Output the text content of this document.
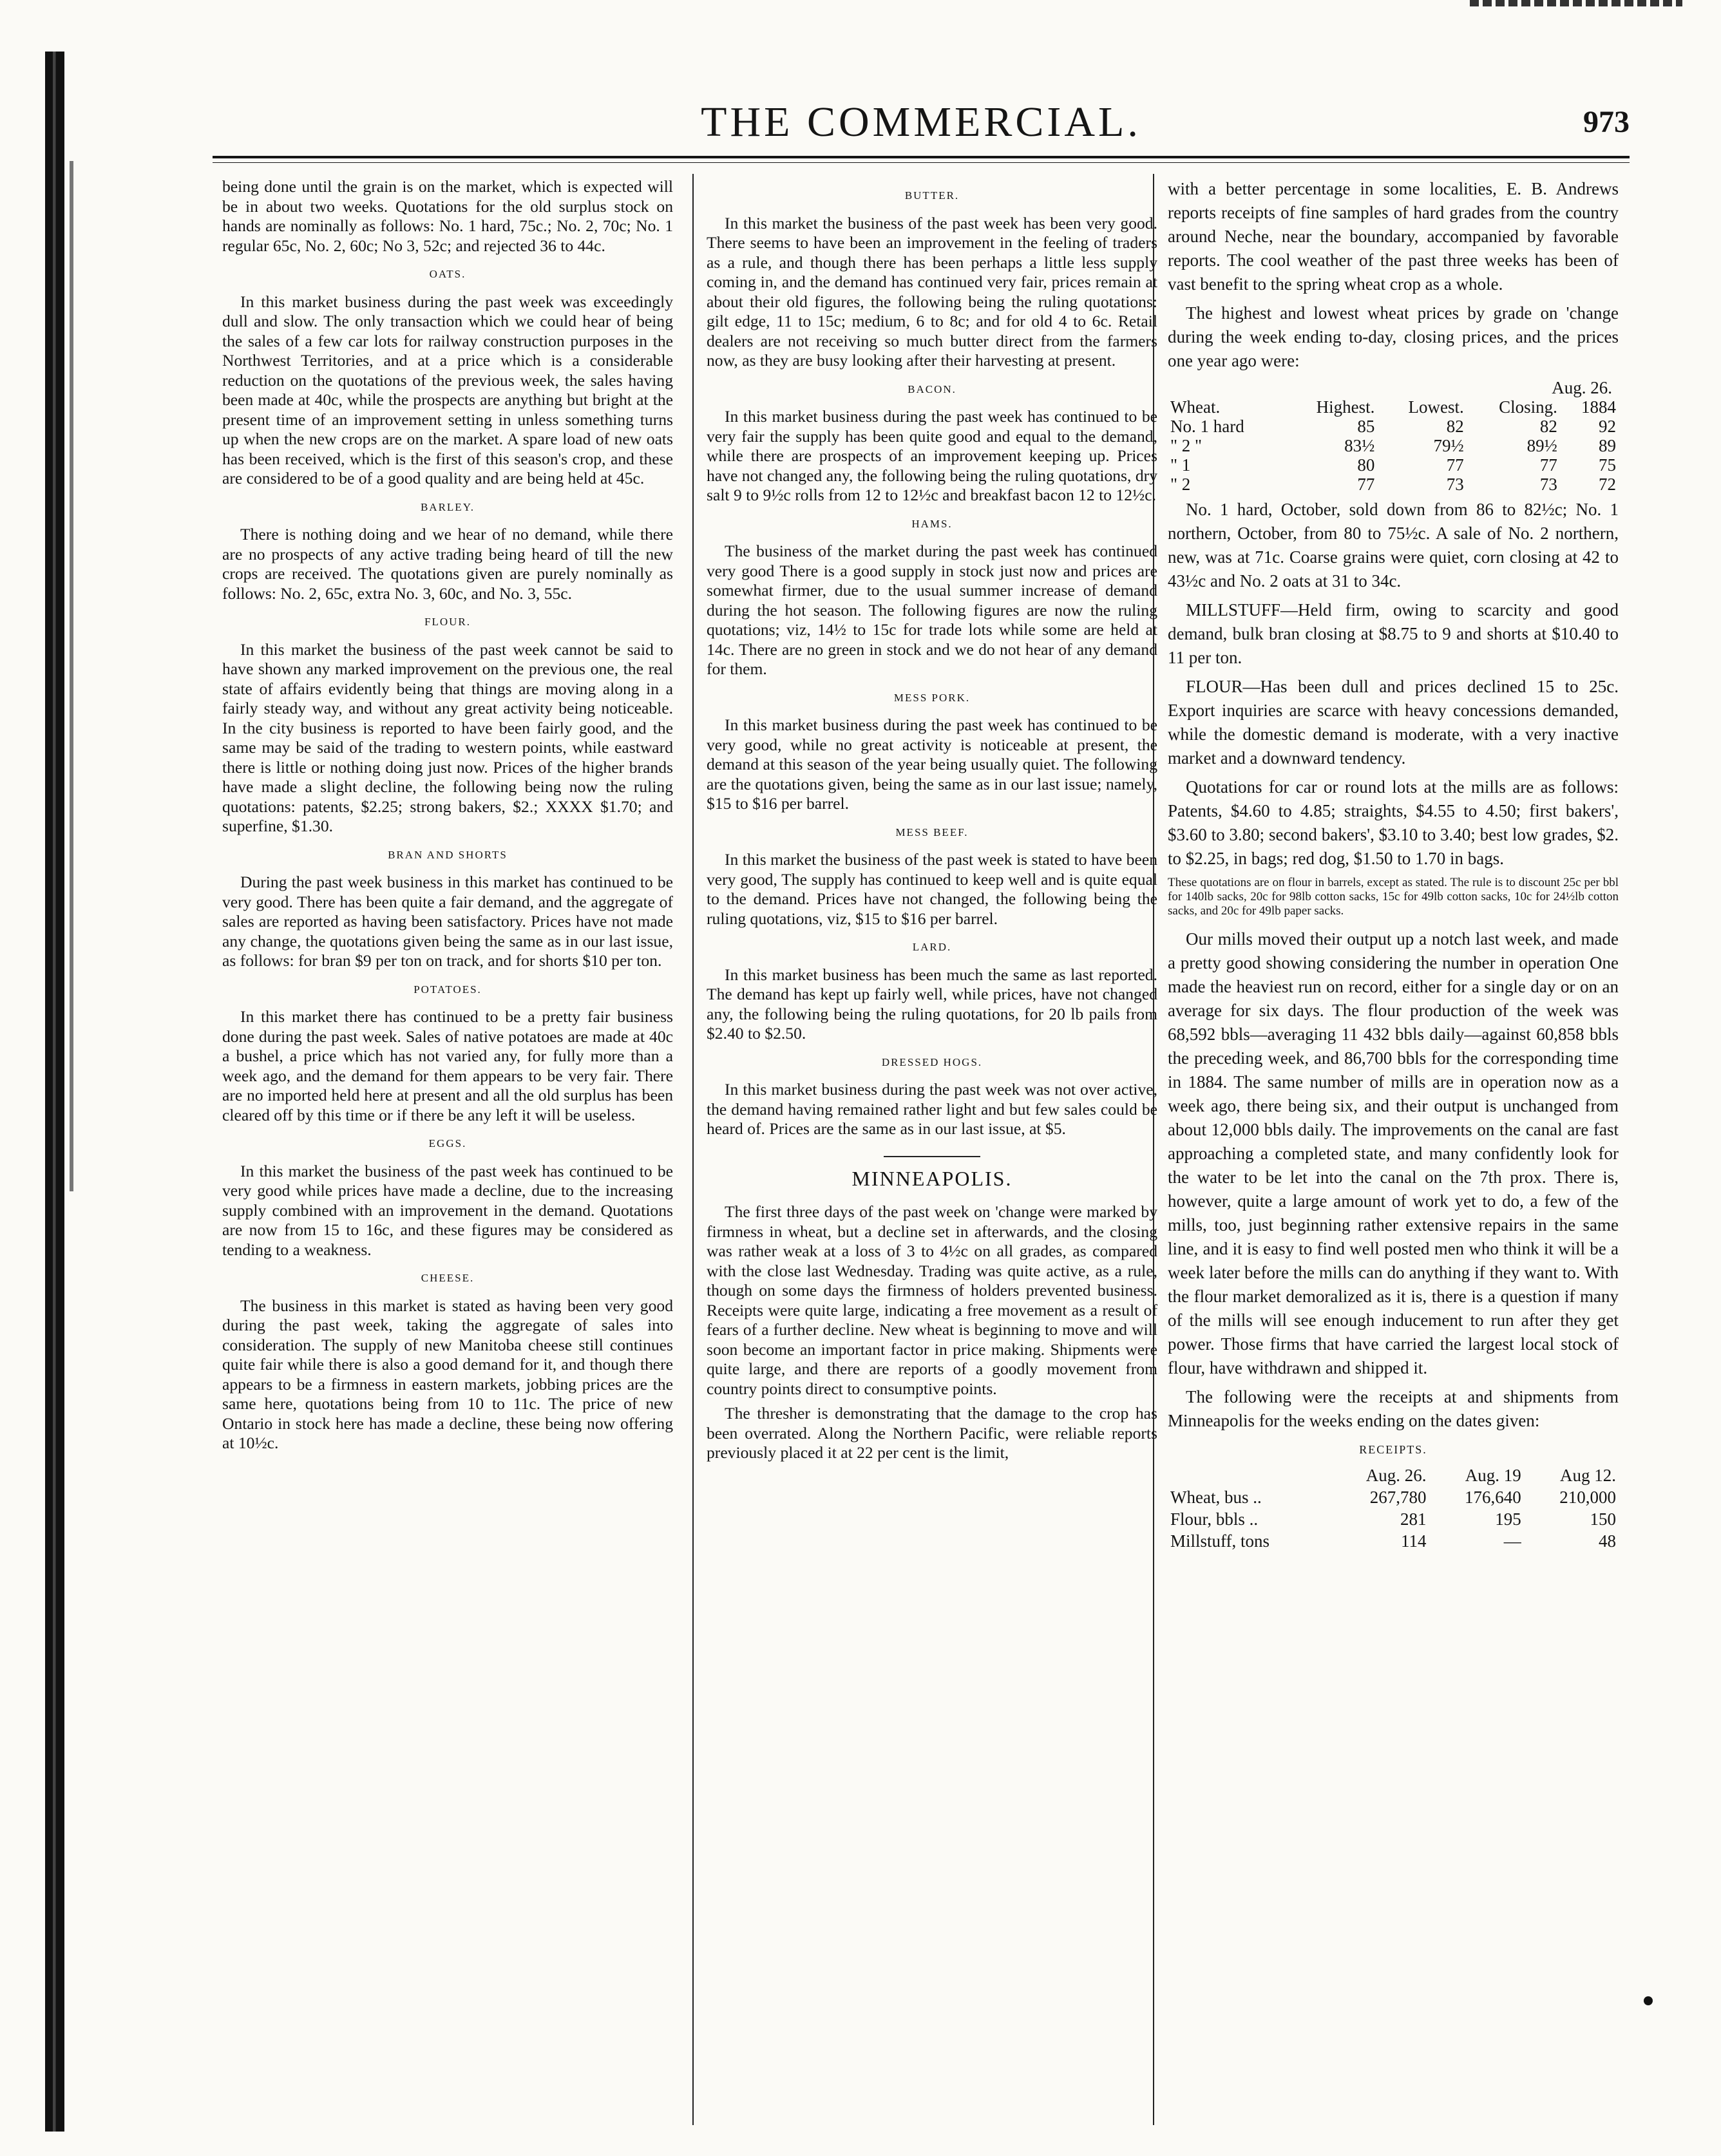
THE COMMERCIAL.	973

being done until the grain is on the market, which is expected will be in about two weeks. Quotations for the old surplus stock on hands are nominally as follows: No. 1 hard, 75c.; No. 2, 70c; No. 1 regular 65c, No. 2, 60c; No 3, 52c; and rejected 36 to 44c.

OATS.

In this market business during the past week was exceedingly dull and slow. The only transaction which we could hear of being the sales of a few car lots for railway construction purposes in the Northwest Territories, and at a price which is a considerable reduction on the quotations of the previous week, the sales having been made at 40c, while the prospects are anything but bright at the present time of an improvement setting in unless something turns up when the new crops are on the market. A spare load of new oats has been received, which is the first of this season's crop, and these are considered to be of a good quality and are being held at 45c.

BARLEY.

There is nothing doing and we hear of no demand, while there are no prospects of any active trading being heard of till the new crops are received. The quotations given are purely nominally as follows: No. 2, 65c, extra No. 3, 60c, and No. 3, 55c.

FLOUR.

In this market the business of the past week cannot be said to have shown any marked improvement on the previous one, the real state of affairs evidently being that things are moving along in a fairly steady way, and without any great activity being noticeable. In the city business is reported to have been fairly good, and the same may be said of the trading to western points, while eastward there is little or nothing doing just now. Prices of the higher brands have made a slight decline, the following being now the ruling quotations: patents, $2.25; strong bakers, $2.; XXXX $1.70; and superfine, $1.30.

BRAN AND SHORTS

During the past week business in this market has continued to be very good. There has been quite a fair demand, and the aggregate of sales are reported as having been satisfactory. Prices have not made any change, the quotations given being the same as in our last issue, as follows: for bran $9 per ton on track, and for shorts $10 per ton.

POTATOES.

In this market there has continued to be a pretty fair business done during the past week. Sales of native potatoes are made at 40c a bushel, a price which has not varied any, for fully more than a week ago, and the demand for them appears to be very fair. There are no imported held here at present and all the old surplus has been cleared off by this time or if there be any left it will be useless.

EGGS.

In this market the business of the past week has continued to be very good while prices have made a decline, due to the increasing supply combined with an improvement in the demand. Quotations are now from 15 to 16c, and these figures may be considered as tending to a weakness.

CHEESE.

The business in this market is stated as having been very good during the past week, taking the aggregate of sales into consideration. The supply of new Manitoba cheese still continues quite fair while there is also a good demand for it, and though there appears to be a firmness in eastern markets, jobbing prices are the same here, quotations being from 10 to 11c. The price of new Ontario in stock here has made a decline, these being now offering at 10½c.

BUTTER.

In this market the business of the past week has been very good. There seems to have been an improvement in the feeling of traders as a rule, and though there has been perhaps a little less supply coming in, and the demand has continued very fair, prices remain at about their old figures, the following being the ruling quotations: gilt edge, 11 to 15c; medium, 6 to 8c; and for old 4 to 6c. Retail dealers are not receiving so much butter direct from the farmers now, as they are busy looking after their harvesting at present.

BACON.

In this market business during the past week has continued to be very fair the supply has been quite good and equal to the demand, while there are prospects of an improvement keeping up. Prices have not changed any, the following being the ruling quotations, dry salt 9 to 9½c rolls from 12 to 12½c and breakfast bacon 12 to 12½c.

HAMS.

The business of the market during the past week has continued very good There is a good supply in stock just now and prices are somewhat firmer, due to the usual summer increase of demand during the hot season. The following figures are now the ruling quotations; viz, 14½ to 15c for trade lots while some are held at 14c. There are no green in stock and we do not hear of any demand for them.

MESS PORK.

In this market business during the past week has continued to be very good, while no great activity is noticeable at present, the demand at this season of the year being usually quiet. The following are the quotations given, being the same as in our last issue; namely, $15 to $16 per barrel.

MESS BEEF.

In this market the business of the past week is stated to have been very good, The supply has continued to keep well and is quite equal to the demand. Prices have not changed, the following being the ruling quotations, viz, $15 to $16 per barrel.

LARD.

In this market business has been much the same as last reported. The demand has kept up fairly well, while prices, have not changed any, the following being the ruling quotations, for 20 lb pails from $2.40 to $2.50.

DRESSED HOGS.

In this market business during the past week was not over active, the demand having remained rather light and but few sales could be heard of. Prices are the same as in our last issue, at $5.

MINNEAPOLIS.

The first three days of the past week on 'change were marked by firmness in wheat, but a decline set in afterwards, and the closing was rather weak at a loss of 3 to 4½c on all grades, as compared with the close last Wednesday. Trading was quite active, as a rule, though on some days the firmness of holders prevented business. Receipts were quite large, indicating a free movement as a result of fears of a further decline. New wheat is beginning to move and will soon become an important factor in price making. Shipments were quite large, and there are reports of a goodly movement from country points direct to consumptive points.

The thresher is demonstrating that the damage to the crop has been overrated. Along the Northern Pacific, were reliable reports previously placed it at 22 per cent is the limit,

with a better percentage in some localities, E. B. Andrews reports receipts of fine samples of hard grades from the country around Neche, near the boundary, accompanied by favorable reports. The cool weather of the past three weeks has been of vast benefit to the spring wheat crop as a whole.

The highest and lowest wheat prices by grade on 'change during the week ending to-day, closing prices, and the prices one year ago were:

Aug. 26.
Wheat.	Highest.	Lowest.	Closing.	1884
No. 1 hard	85	82	82	92
" 2 "	83½	79½	89½	89
" 1	80	77	77	75
" 2	77	73	73	72

No. 1 hard, October, sold down from 86 to 82½c; No. 1 northern, October, from 80 to 75½c. A sale of No. 2 northern, new, was at 71c. Coarse grains were quiet, corn closing at 42 to 43½c and No. 2 oats at 31 to 34c.

MILLSTUFF—Held firm, owing to scarcity and good demand, bulk bran closing at $8.75 to 9 and shorts at $10.40 to 11 per ton.

FLOUR—Has been dull and prices declined 15 to 25c. Export inquiries are scarce with heavy concessions demanded, while the domestic demand is moderate, with a very inactive market and a downward tendency.

Quotations for car or round lots at the mills are as follows: Patents, $4.60 to 4.85; straights, $4.55 to 4.50; first bakers', $3.60 to 3.80; second bakers', $3.10 to 3.40; best low grades, $2. to $2.25, in bags; red dog, $1.50 to 1.70 in bags.

These quotations are on flour in barrels, except as stated. The rule is to discount 25c per bbl for 140lb sacks, 20c for 98lb cotton sacks, 15c for 49lb cotton sacks, 10c for 24½lb cotton sacks, and 20c for 49lb paper sacks.

Our mills moved their output up a notch last week, and made a pretty good showing considering the number in operation One made the heaviest run on record, either for a single day or on an average for six days. The flour production of the week was 68,592 bbls—averaging 11 432 bbls daily—against 60,858 bbls the preceding week, and 86,700 bbls for the corresponding time in 1884. The same number of mills are in operation now as a week ago, there being six, and their output is unchanged from about 12,000 bbls daily. The improvements on the canal are fast approaching a completed state, and many confidently look for the water to be let into the canal on the 7th prox. There is, however, quite a large amount of work yet to do, a few of the mills, too, just beginning rather extensive repairs in the same line, and it is easy to find well posted men who think it will be a week later before the mills can do anything if they want to. With the flour market demoralized as it is, there is a question if many of the mills will see enough inducement to run after they get power. Those firms that have carried the largest local stock of flour, have withdrawn and shipped it.

The following were the receipts at and shipments from Minneapolis for the weeks ending on the dates given:

RECEIPTS.
	Aug. 26.	Aug. 19	Aug 12.
Wheat, bus ..	267,780	176,640	210,000
Flour, bbls ..	281	195	150
Millstuff, tons	114	—	48
